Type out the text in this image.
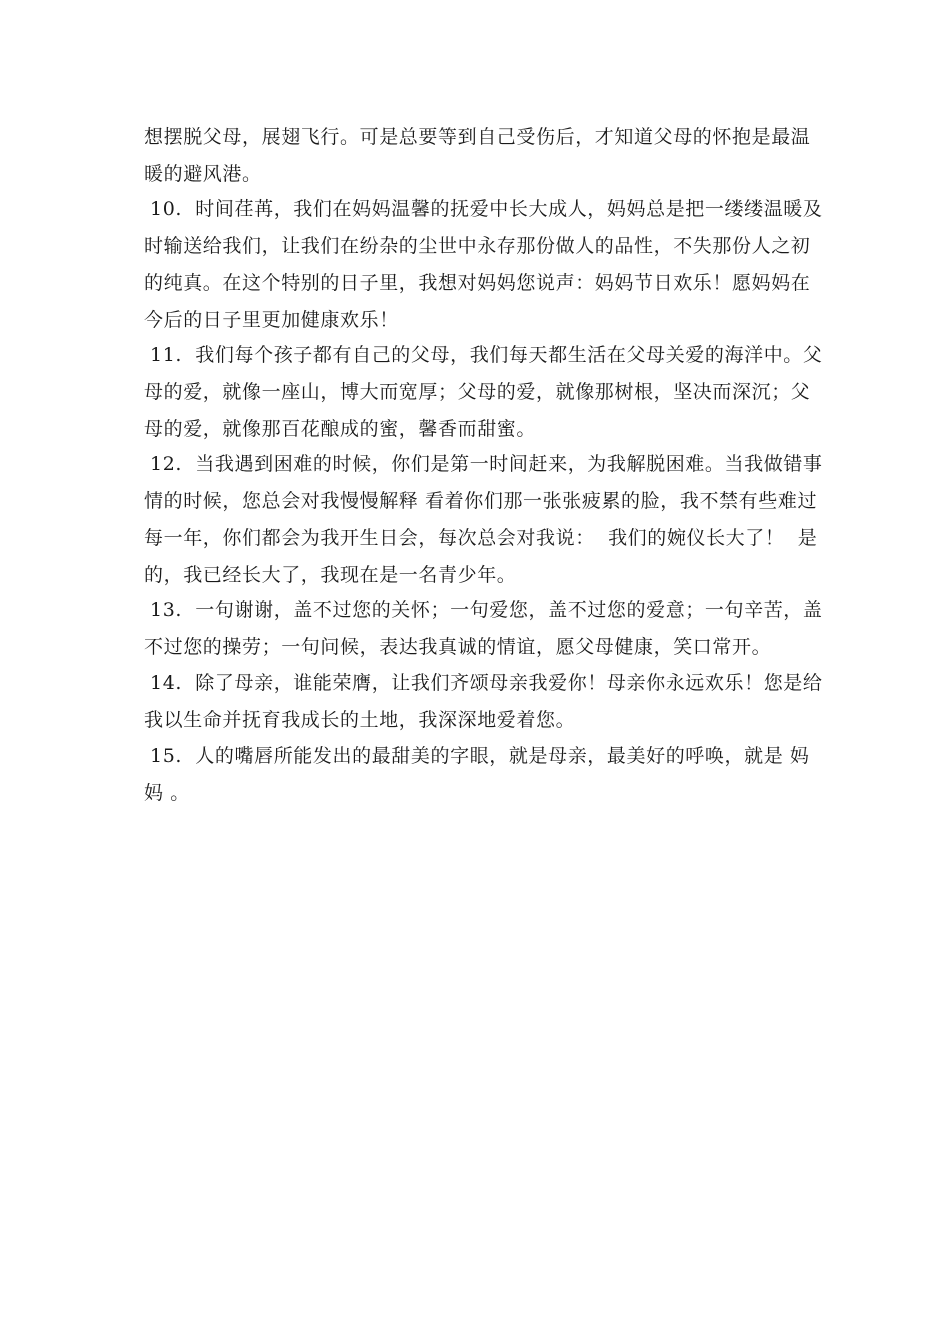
想摆脱父母，展翅飞行。可是总要等到自己受伤后，才知道父母的怀抱是最温
暖的避风港。
10.  时间荏苒，我们在妈妈温馨的抚爱中长大成人，妈妈总是把一缕缕温暖及
时输送给我们，让我们在纷杂的尘世中永存那份做人的品性，不失那份人之初
的纯真。在这个特别的日子里，我想对妈妈您说声：妈妈节日欢乐！愿妈妈在
今后的日子里更加健康欢乐！
11.  我们每个孩子都有自己的父母，我们每天都生活在父母关爱的海洋中。父
母的爱，就像一座山，博大而宽厚；父母的爱，就像那树根，坚决而深沉；父
母的爱，就像那百花酿成的蜜，馨香而甜蜜。
12.  当我遇到困难的时候，你们是第一时间赶来，为我解脱困难。当我做错事
情的时候，您总会对我慢慢解释 看着你们那一张张疲累的脸，我不禁有些难过
每一年，你们都会为我开生日会，每次总会对我说：  我们的婉仪长大了！  是
的，我已经长大了，我现在是一名青少年。
13.  一句谢谢，盖不过您的关怀；一句爱您，盖不过您的爱意；一句辛苦，盖
不过您的操劳；一句问候，表达我真诚的情谊，愿父母健康，笑口常开。
14.  除了母亲，谁能荣膺，让我们齐颂母亲我爱你！母亲你永远欢乐！您是给
我以生命并抚育我成长的土地，我深深地爱着您。
15.  人的嘴唇所能发出的最甜美的字眼，就是母亲，最美好的呼唤，就是 妈
妈 。
